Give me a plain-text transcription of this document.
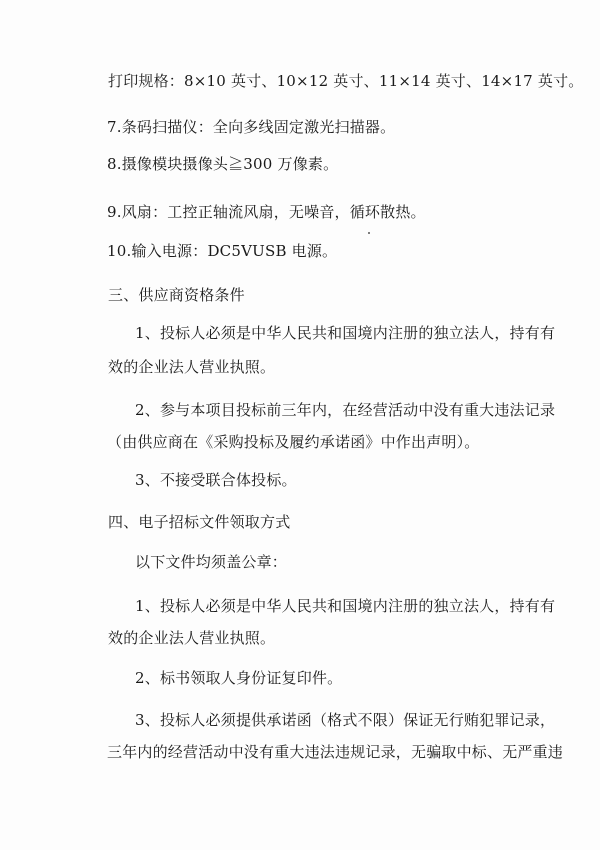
打印规格：8×10 英寸、10×12 英寸、11×14 英寸、14×17 英寸。
7.条码扫描仪：全向多线固定激光扫描器。
8.摄像模块摄像头≧300 万像素。
9.风扇：工控正轴流风扇，无噪音，循环散热。
10.输入电源：DC5VUSB 电源。
三、供应商资格条件
1、投标人必须是中华人民共和国境内注册的独立法人，持有有
效的企业法人营业执照。
2、参与本项目投标前三年内，在经营活动中没有重大违法记录
（由供应商在《采购投标及履约承诺函》中作出声明）。
3、不接受联合体投标。
四、电子招标文件领取方式
以下文件均须盖公章：
1、投标人必须是中华人民共和国境内注册的独立法人，持有有
效的企业法人营业执照。
2、标书领取人身份证复印件。
3、投标人必须提供承诺函（格式不限）保证无行贿犯罪记录，
三年内的经营活动中没有重大违法违规记录，无骗取中标、无严重违
